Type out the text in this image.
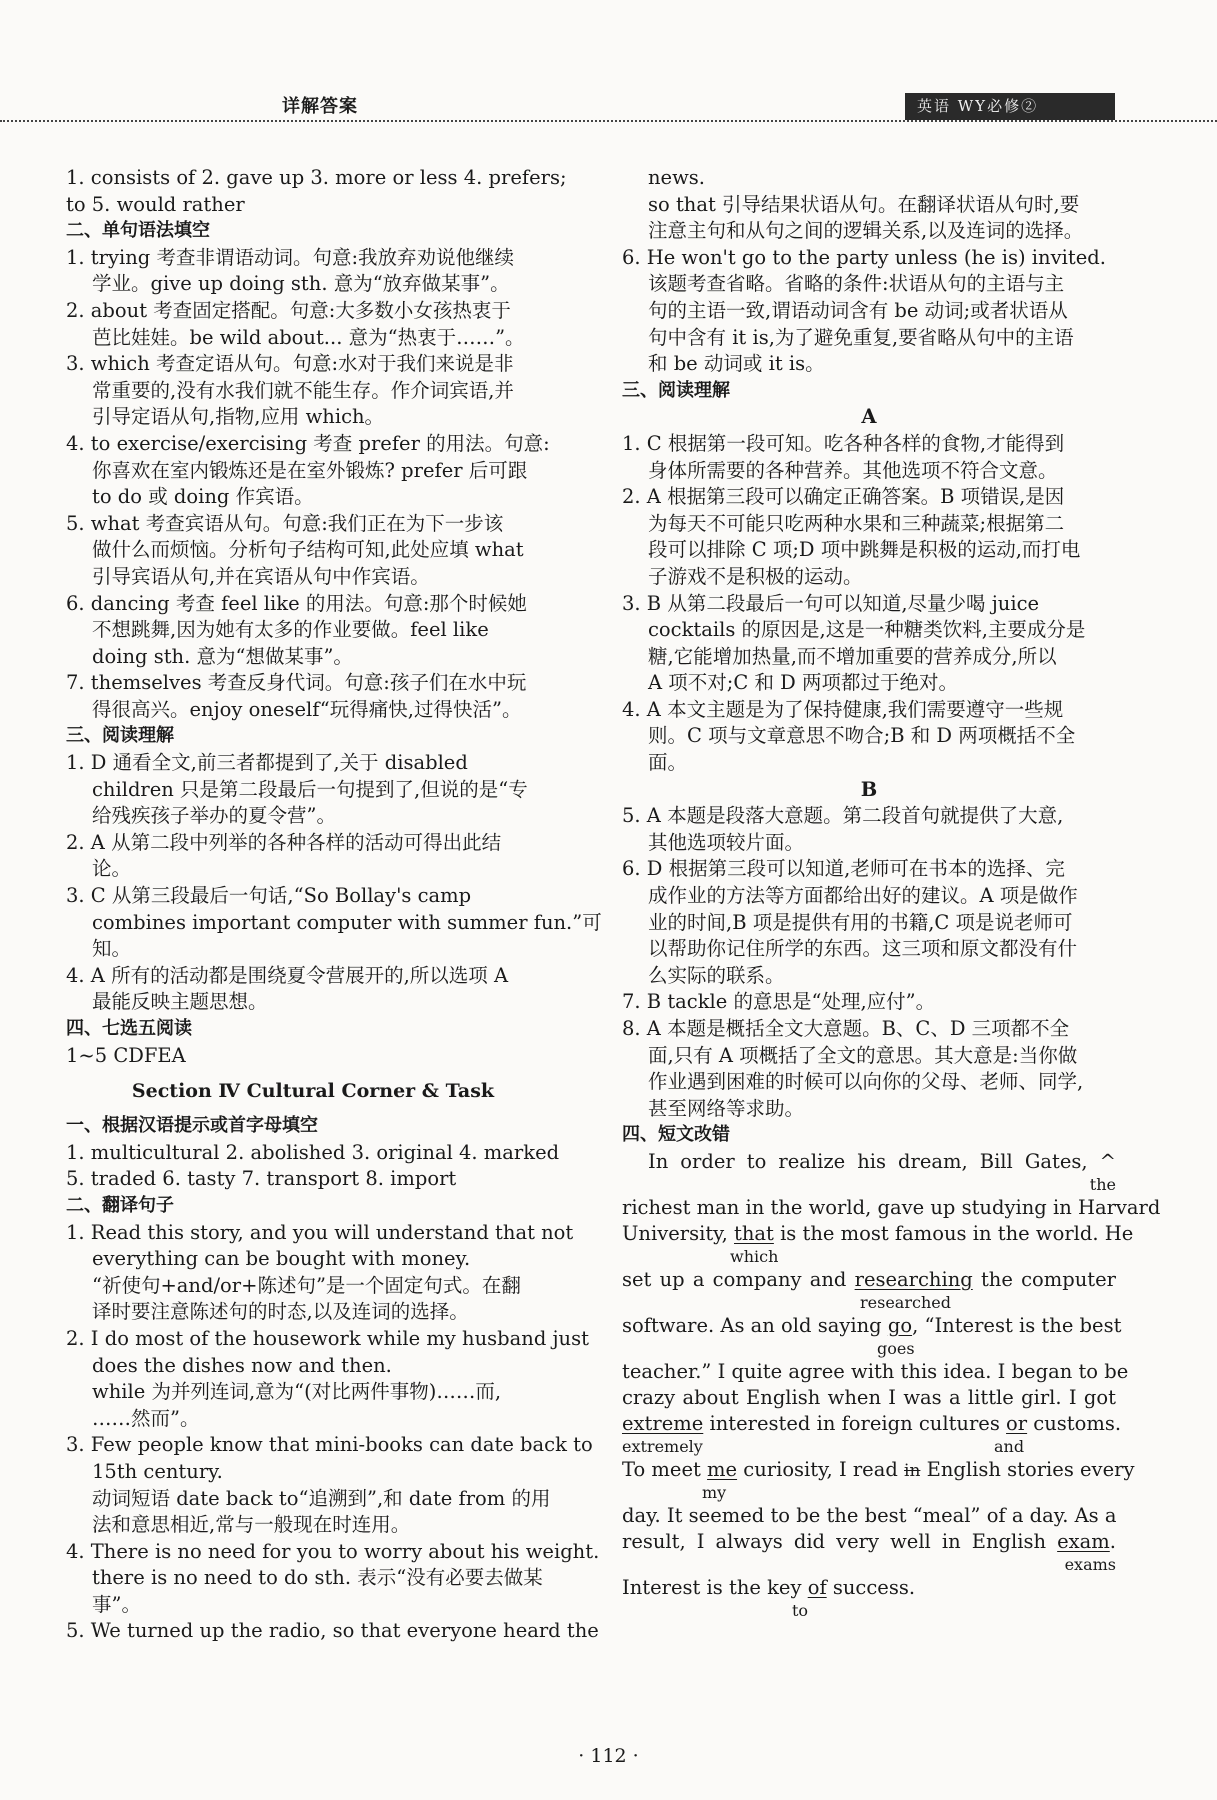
详解答案	英语 WY必修②
1. consists of 2. gave up 3. more or less 4. prefers;
to 5. would rather
二、单句语法填空
1. trying 考查非谓语动词。句意:我放弃劝说他继续
学业。give up doing sth. 意为“放弃做某事”。
2. about 考查固定搭配。句意:大多数小女孩热衷于
芭比娃娃。be wild about... 意为“热衷于……”。
3. which 考查定语从句。句意:水对于我们来说是非
常重要的,没有水我们就不能生存。作介词宾语,并
引导定语从句,指物,应用 which。
4. to exercise/exercising 考查 prefer 的用法。句意:
你喜欢在室内锻炼还是在室外锻炼? prefer 后可跟
to do 或 doing 作宾语。
5. what 考查宾语从句。句意:我们正在为下一步该
做什么而烦恼。分析句子结构可知,此处应填 what
引导宾语从句,并在宾语从句中作宾语。
6. dancing 考查 feel like 的用法。句意:那个时候她
不想跳舞,因为她有太多的作业要做。feel like
doing sth. 意为“想做某事”。
7. themselves 考查反身代词。句意:孩子们在水中玩
得很高兴。enjoy oneself“玩得痛快,过得快活”。
三、阅读理解
1. D 通看全文,前三者都提到了,关于 disabled
children 只是第二段最后一句提到了,但说的是“专
给残疾孩子举办的夏令营”。
2. A 从第二段中列举的各种各样的活动可得出此结
论。
3. C 从第三段最后一句话,“So Bollay's camp
combines important computer with summer fun.”可
知。
4. A 所有的活动都是围绕夏令营展开的,所以选项 A
最能反映主题思想。
四、七选五阅读
1~5 CDFEA
Section Ⅳ Cultural Corner & Task
一、根据汉语提示或首字母填空
1. multicultural 2. abolished 3. original 4. marked
5. traded 6. tasty 7. transport 8. import
二、翻译句子
1. Read this story, and you will understand that not
everything can be bought with money.
“祈使句+and/or+陈述句”是一个固定句式。在翻
译时要注意陈述句的时态,以及连词的选择。
2. I do most of the housework while my husband just
does the dishes now and then.
while 为并列连词,意为“(对比两件事物)……而,
……然而”。
3. Few people know that mini-books can date back to
15th century.
动词短语 date back to“追溯到”,和 date from 的用
法和意思相近,常与一般现在时连用。
4. There is no need for you to worry about his weight.
there is no need to do sth. 表示“没有必要去做某
事”。
5. We turned up the radio, so that everyone heard the
news.
so that 引导结果状语从句。在翻译状语从句时,要
注意主句和从句之间的逻辑关系,以及连词的选择。
6. He won't go to the party unless (he is) invited.
该题考查省略。省略的条件:状语从句的主语与主
句的主语一致,谓语动词含有 be 动词;或者状语从
句中含有 it is,为了避免重复,要省略从句中的主语
和 be 动词或 it is。
三、阅读理解
A
1. C 根据第一段可知。吃各种各样的食物,才能得到
身体所需要的各种营养。其他选项不符合文意。
2. A 根据第三段可以确定正确答案。B 项错误,是因
为每天不可能只吃两种水果和三种蔬菜;根据第二
段可以排除 C 项;D 项中跳舞是积极的运动,而打电
子游戏不是积极的运动。
3. B 从第二段最后一句可以知道,尽量少喝 juice
cocktails 的原因是,这是一种糖类饮料,主要成分是
糖,它能增加热量,而不增加重要的营养成分,所以
A 项不对;C 和 D 两项都过于绝对。
4. A 本文主题是为了保持健康,我们需要遵守一些规
则。C 项与文章意思不吻合;B 和 D 两项概括不全
面。
B
5. A 本题是段落大意题。第二段首句就提供了大意,
其他选项较片面。
6. D 根据第三段可以知道,老师可在书本的选择、完
成作业的方法等方面都给出好的建议。A 项是做作
业的时间,B 项是提供有用的书籍,C 项是说老师可
以帮助你记住所学的东西。这三项和原文都没有什
么实际的联系。
7. B tackle 的意思是“处理,应付”。
8. A 本题是概括全文大意题。B、C、D 三项都不全
面,只有 A 项概括了全文的意思。其大意是:当你做
作业遇到困难的时候可以向你的父母、老师、同学,
甚至网络等求助。
四、短文改错
In order to realize his dream, Bill Gates, ^
the
richest man in the world, gave up studying in Harvard
University, that is the most famous in the world. He
which
set up a company and researching the computer
researched
software. As an old saying go, “Interest is the best
goes
teacher.” I quite agree with this idea. I began to be
crazy about English when I was a little girl. I got
extreme interested in foreign cultures or customs.
extremely	and
To meet me curiosity, I read in English stories every
my
day. It seemed to be the best “meal” of a day. As a
result, I always did very well in English exam.
exams
Interest is the key of success.
to
· 112 ·
